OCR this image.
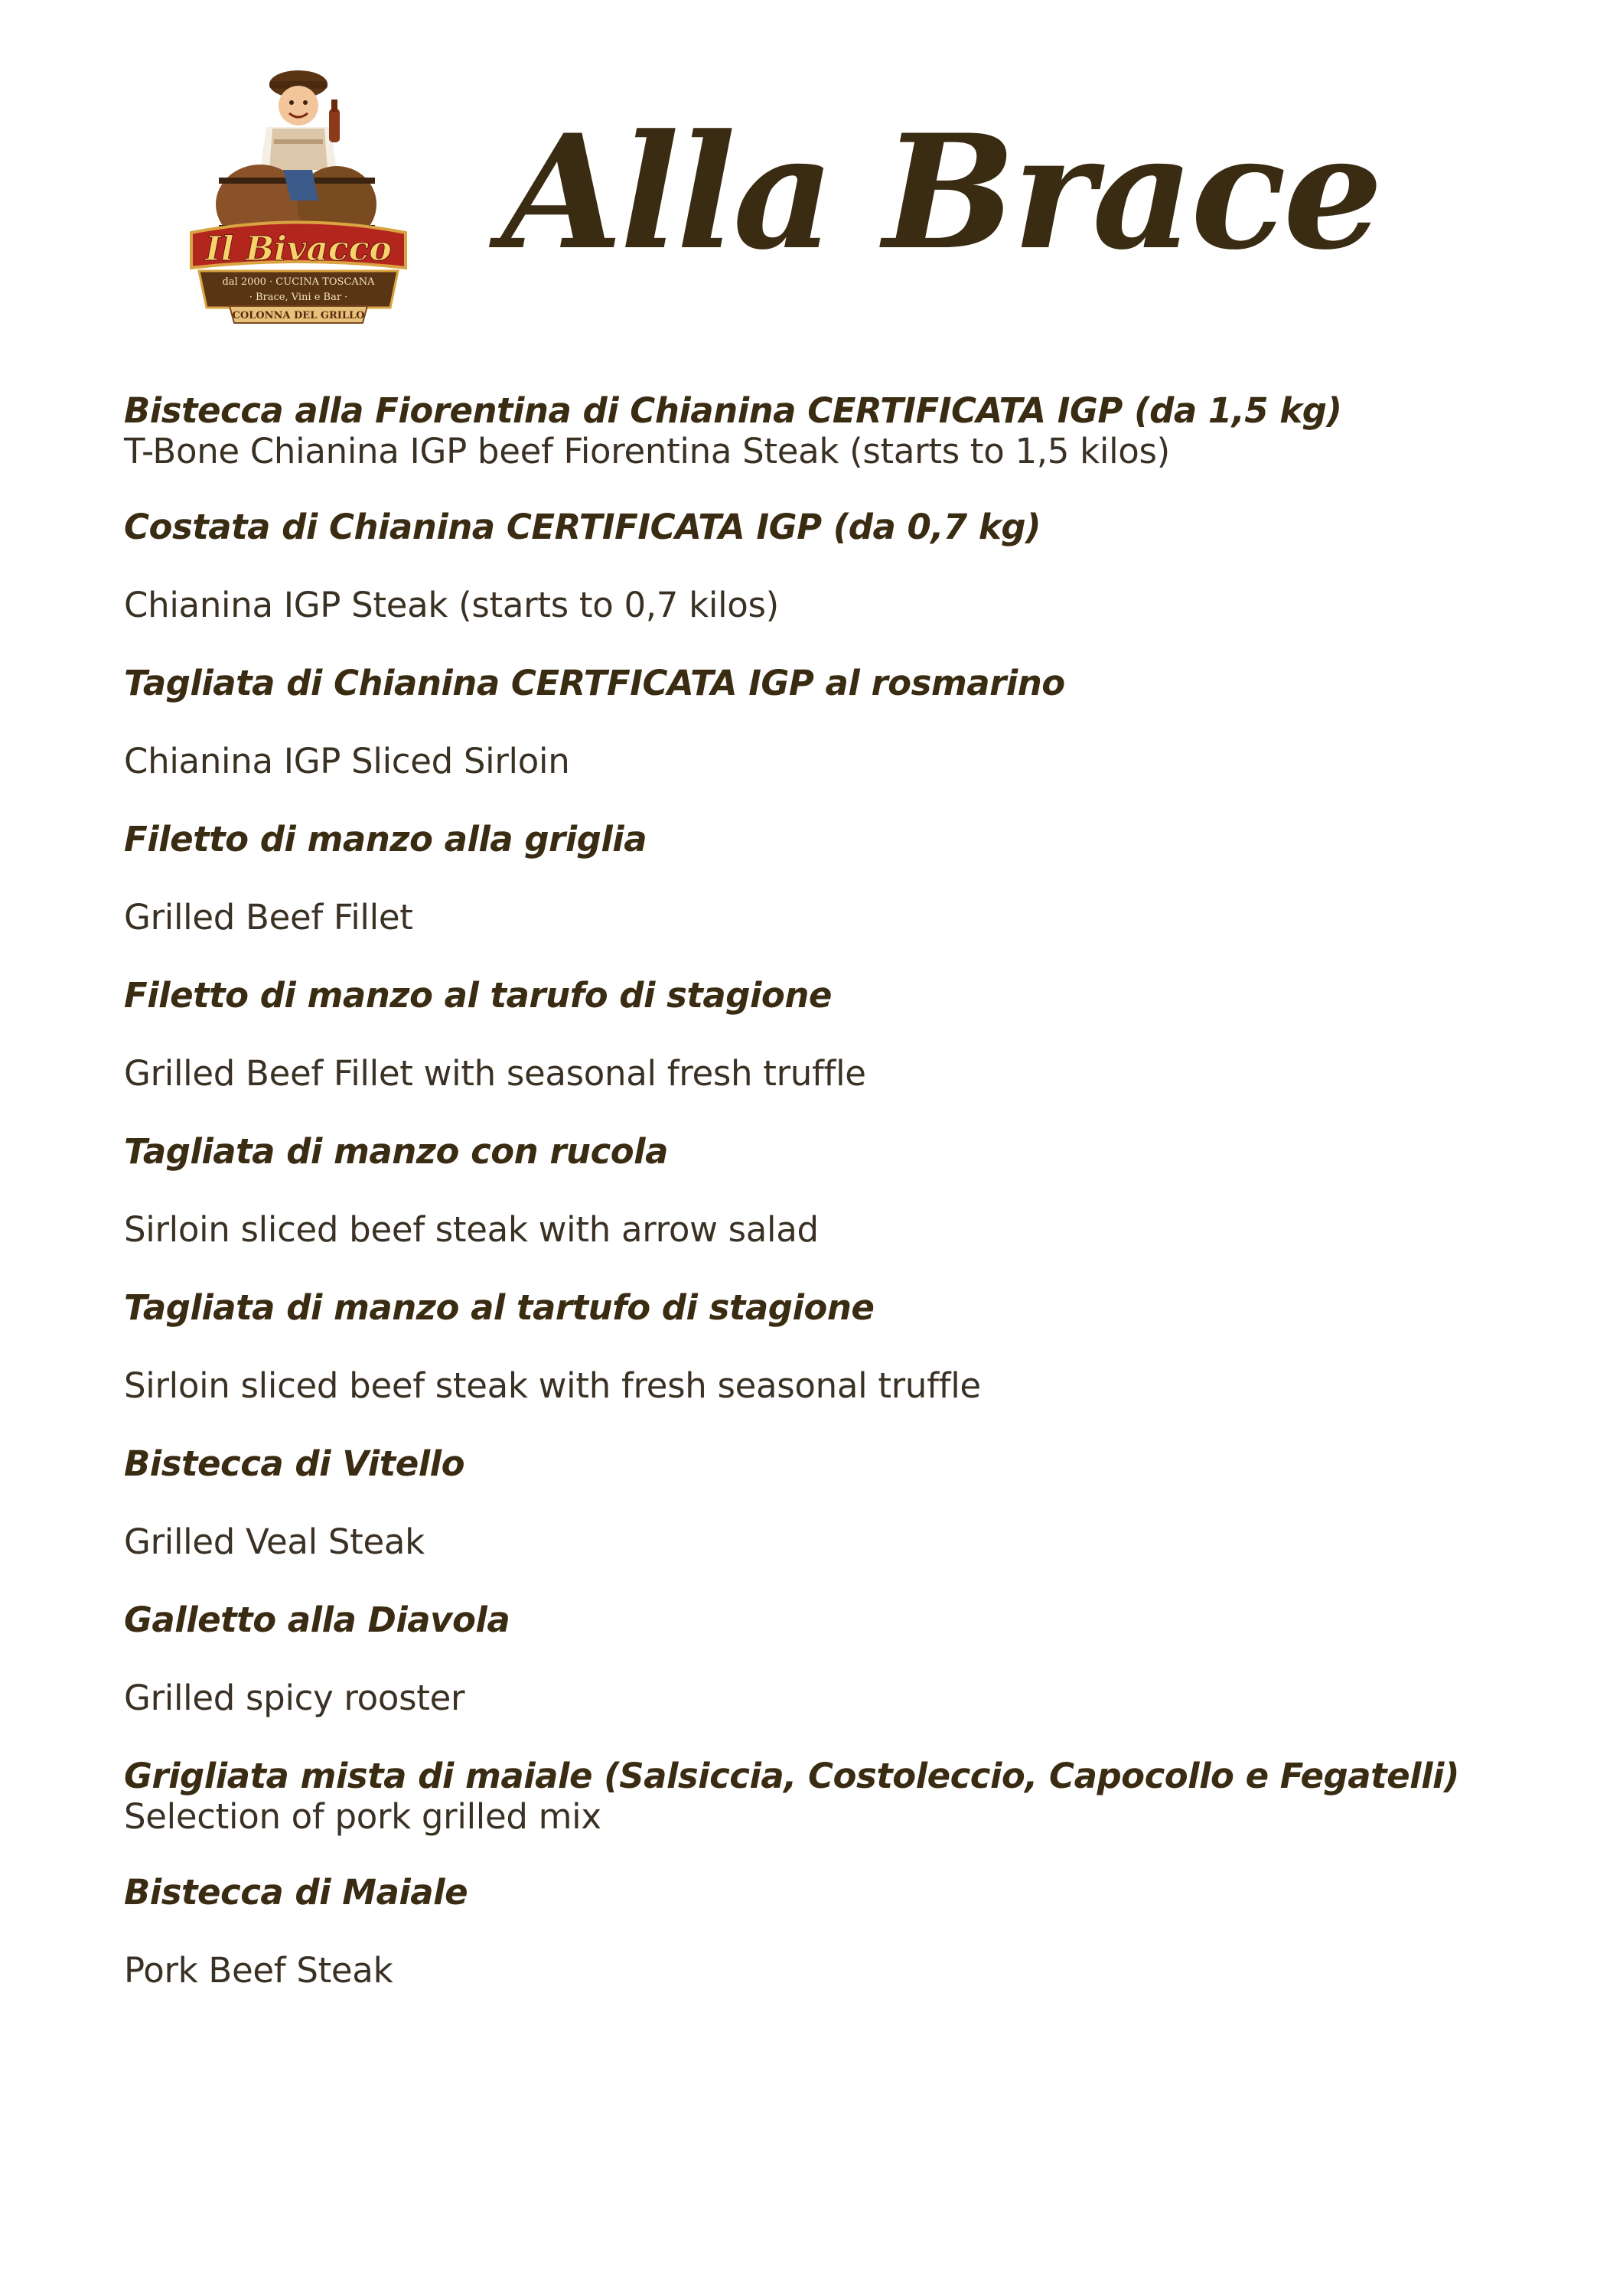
Il Bivacco
dal 2000 · CUCINA TOSCANA
· Brace, Vini e Bar ·
COLONNA DEL GRILLO
Alla Brace
Bistecca alla Fiorentina di Chianina CERTIFICATA IGP (da 1,5 kg)
T-Bone Chianina IGP beef Fiorentina Steak (starts to 1,5 kilos)
Costata di Chianina CERTIFICATA IGP (da 0,7 kg)
Chianina IGP Steak (starts to 0,7 kilos)
Tagliata di Chianina CERTFICATA IGP al rosmarino
Chianina IGP Sliced Sirloin
Filetto di manzo alla griglia
Grilled Beef Fillet
Filetto di manzo al tarufo di stagione
Grilled Beef Fillet with seasonal fresh truffle
Tagliata di manzo con rucola
Sirloin sliced beef steak with arrow salad
Tagliata di manzo al tartufo di stagione
Sirloin sliced beef steak with fresh seasonal truffle
Bistecca di Vitello
Grilled Veal Steak
Galletto alla Diavola
Grilled spicy rooster
Grigliata mista di maiale (Salsiccia, Costoleccio, Capocollo e Fegatelli)
Selection of pork grilled mix
Bistecca di Maiale
Pork Beef Steak
